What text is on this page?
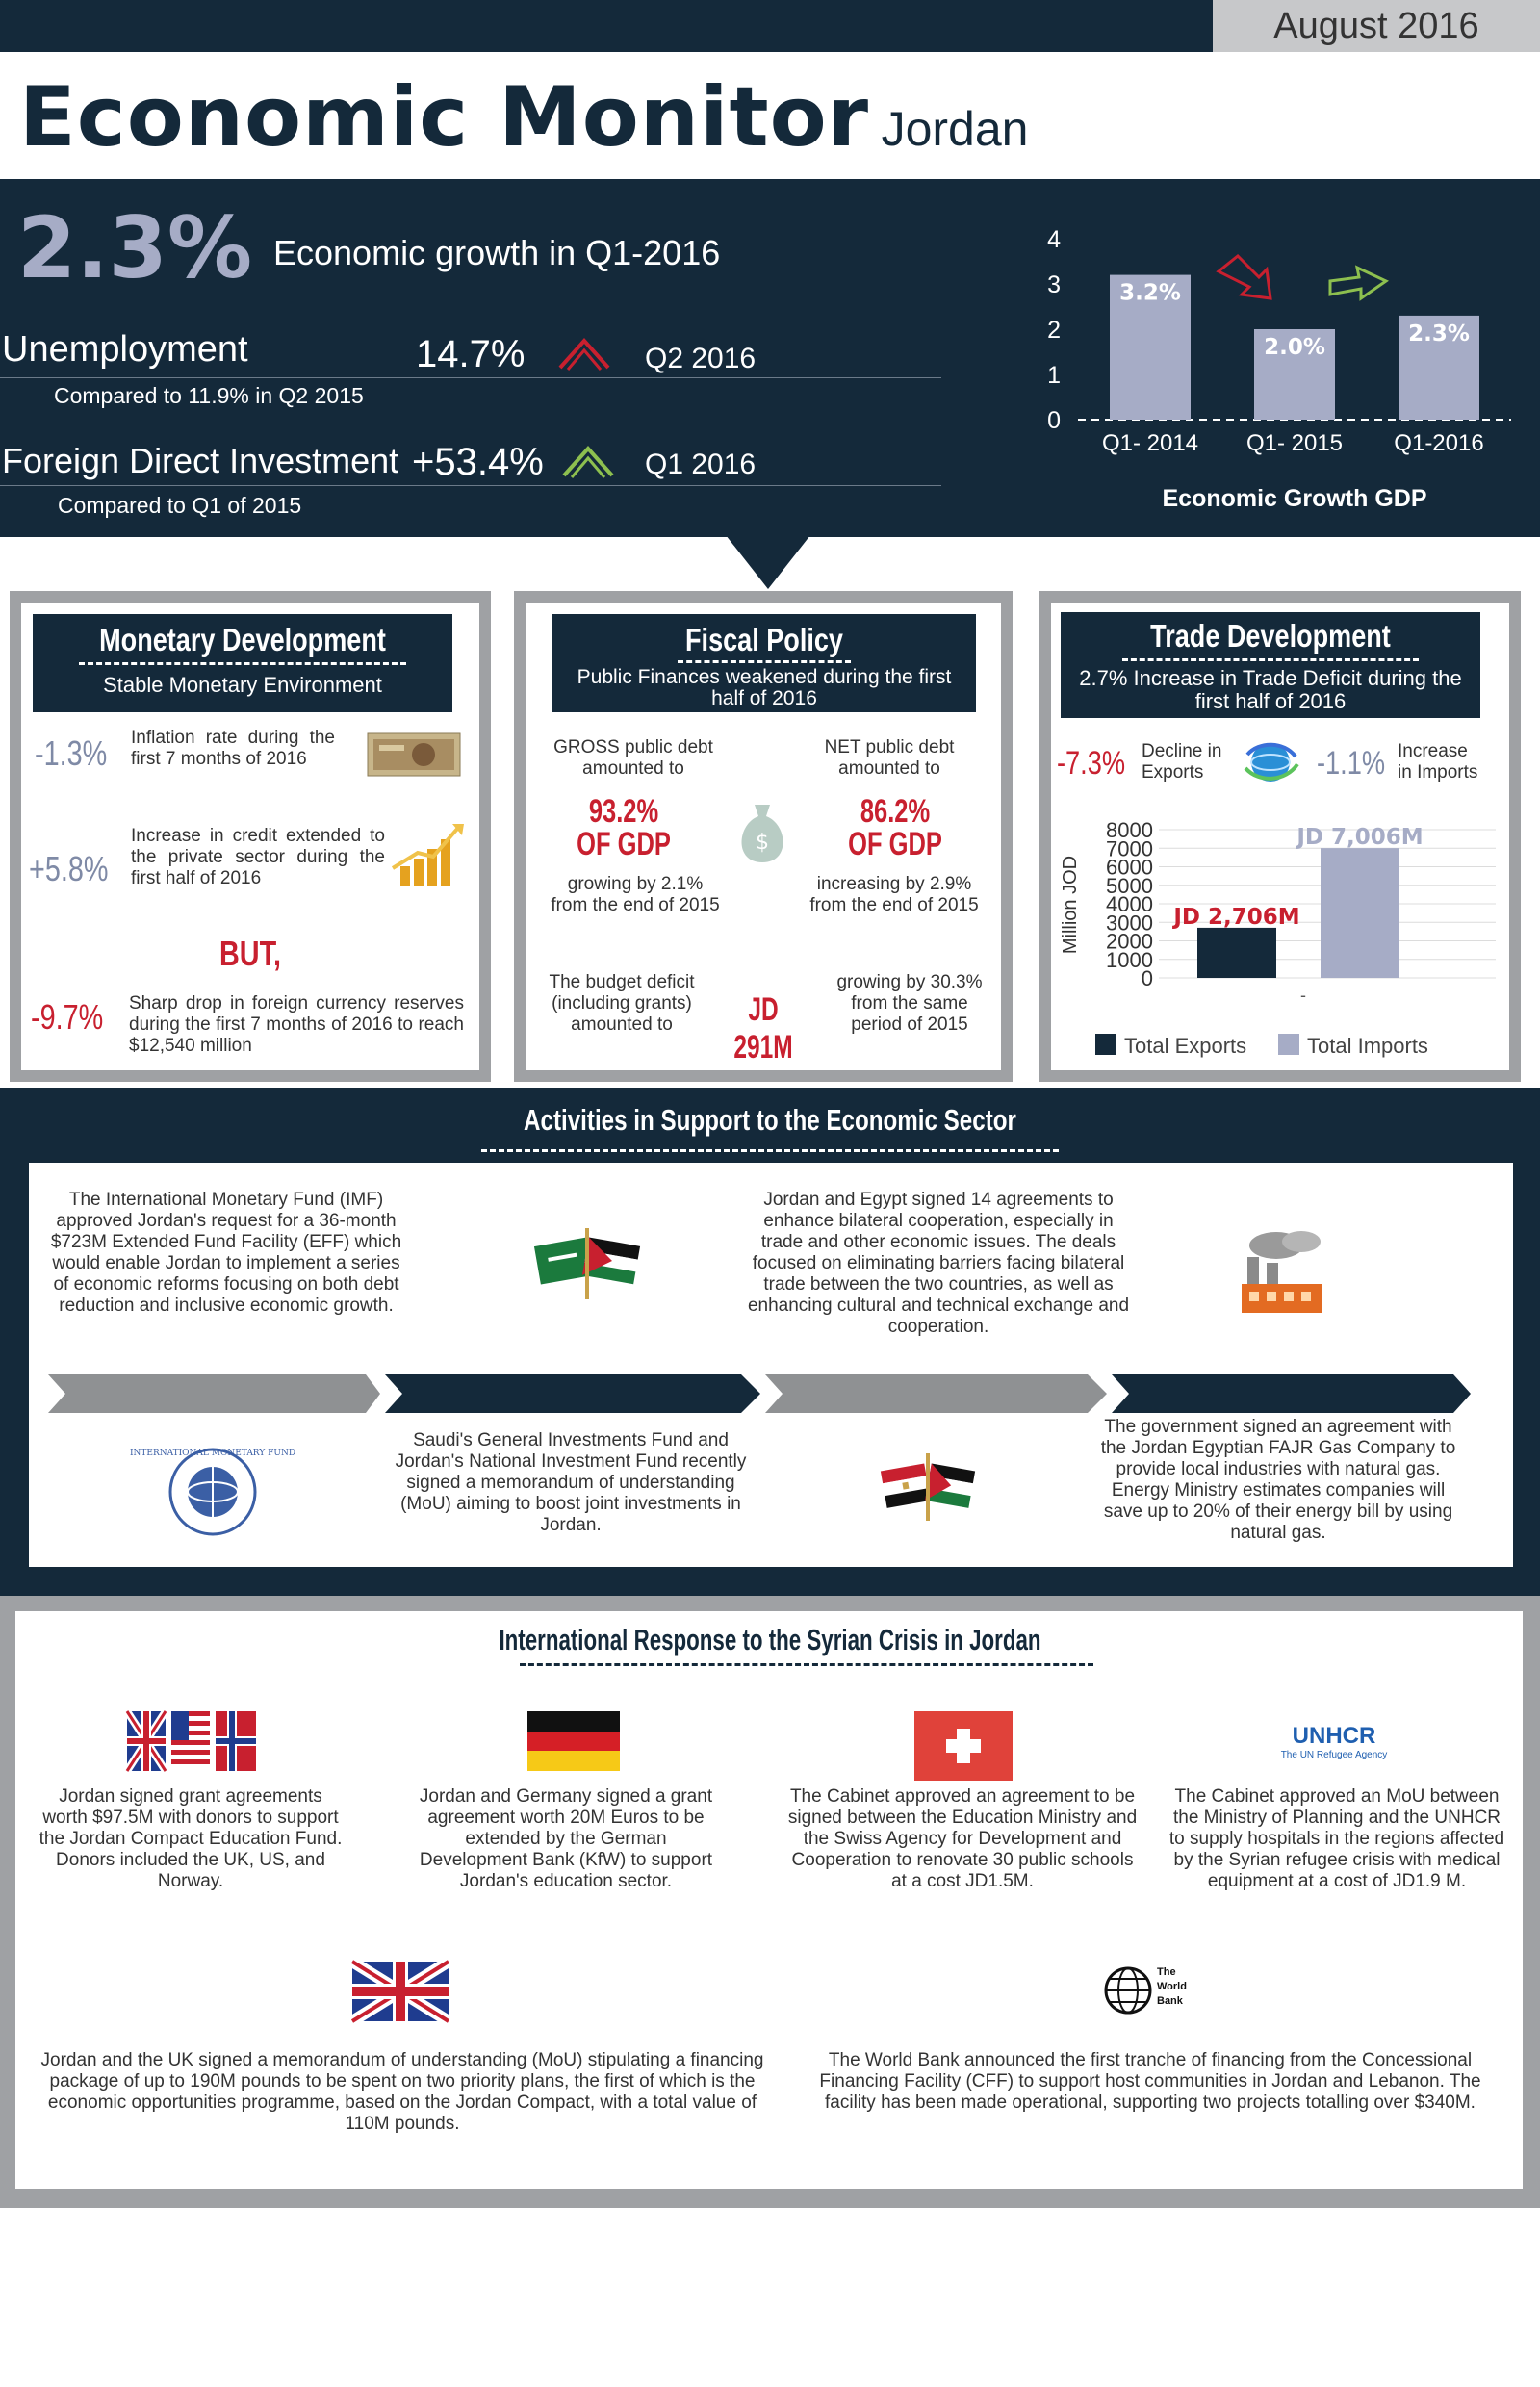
August 2016
Economic Monitor Jordan
2.3% Economic growth in Q1-2016
Unemployment	14.7%	Q2 2016
Compared to 11.9% in Q2 2015
Foreign Direct Investment +53.4%	Q1 2016
Compared to Q1 of 2015
0
1
2
3
4
3.2%
Q1- 2014
2.0%
Q1- 2015
2.3%
Q1-2016
Economic Growth GDP
Monetary Development
Stable Monetary Environment
-1.3% Inflation rate during the first 7 months of 2016
+5.8%
Increase in credit extended to the private sector during the first half of 2016
BUT,
-9.7% Sharp drop in foreign currency reserves during the first 7 months of 2016 to reach $12,540 million
Fiscal Policy
Public Finances weakened during the first half of 2016
GROSS public debt amounted to
93.2%
OF GDP
growing by 2.1% from the end of 2015
$
NET public debt amounted to
86.2%
OF GDP
increasing by 2.9% from the end of 2015
The budget deficit (including grants) amounted to	JD 291M
growing by 30.3% from the same period of 2015
Trade Development
2.7% Increase in Trade Deficit during the first half of 2016
-7.3% Decline in Exports	-1.1% Increase in Imports
Million JOD
0
1000
2000
3000
4000
5000
6000
7000
8000
JD 2,706M
JD 7,006M
-
Total Exports	Total Imports
Activities in Support to the Economic Sector
The International Monetary Fund (IMF) approved Jordan's request for a 36-month $723M Extended Fund Facility (EFF) which would enable Jordan to implement a series of economic reforms focusing on both debt reduction and inclusive economic growth.
Jordan and Egypt signed 14 agreements to enhance bilateral cooperation, especially in trade and other economic issues. The deals focused on eliminating barriers facing bilateral trade between the two countries, as well as enhancing cultural and technical exchange and cooperation.
INTERNATIONAL MONETARY FUND
Saudi's General Investments Fund and Jordan's National Investment Fund recently signed a memorandum of understanding (MoU) aiming to boost joint investments in Jordan.
The government signed an agreement with the Jordan Egyptian FAJR Gas Company to provide local industries with natural gas. Energy Ministry estimates companies will save up to 20% of their energy bill by using natural gas.
International Response to the Syrian Crisis in Jordan
UNHCR
The UN Refugee Agency
Jordan signed grant agreements worth $97.5M with donors to support the Jordan Compact Education Fund. Donors included the UK, US, and Norway.
Jordan and Germany signed a grant agreement worth 20M Euros to be extended by the German Development Bank (KfW) to support Jordan's education sector.
The Cabinet approved an agreement to be signed between the Education Ministry and the Swiss Agency for Development and Cooperation to renovate 30 public schools at a cost JD1.5M.
The Cabinet approved an MoU between the Ministry of Planning and the UNHCR to supply hospitals in the regions affected by the Syrian refugee crisis with medical equipment at a cost of JD1.9 M.
The
World
Bank
Jordan and the UK signed a memorandum of understanding (MoU) stipulating a financing package of up to 190M pounds to be spent on two priority plans, the first of which is the economic opportunities programme, based on the Jordan Compact, with a total value of 110M pounds.
The World Bank announced the first tranche of financing from the Concessional Financing Facility (CFF) to support host communities in Jordan and Lebanon. The facility has been made operational, supporting two projects totalling over $340M.
